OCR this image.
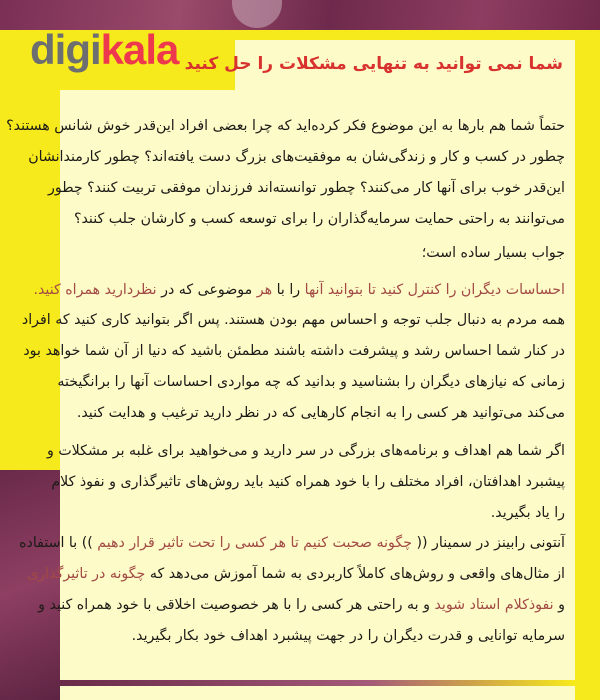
digikala شما نمی توانید به تنهایی مشکلات را حل کنید
حتماً شما هم بارها به این موضوع فکر کرده‌اید که چرا بعضی افراد این‌قدر خوش شانس هستند؟
چطور در کسب و کار و زندگی‌شان به موفقیت‌های بزرگ دست یافته‌اند؟ چطور کارمندانشان
این‌قدر خوب برای آنها کار می‌کنند؟ چطور توانسته‌اند فرزندان موفقی تربیت کنند؟ چطور
می‌توانند به راحتی حمایت سرمایه‌گذاران را برای توسعه کسب و کارشان جلب کنند؟
جواب بسیار ساده است؛
احساسات دیگران را کنترل کنید تا بتوانید آنها را با هر موضوعی که در نظردارید همراه کنید.
همه مردم به دنبال جلب توجه و احساس مهم بودن هستند. پس اگر بتوانید کاری کنید که افراد
در کنار شما احساس رشد و پیشرفت داشته باشند مطمئن باشید که دنیا از آن شما خواهد بود
زمانی که نیازهای دیگران را بشناسید و بدانید که چه مواردی احساسات آنها را برانگیخته
می‌کند می‌توانید هر کسی را به انجام کارهایی که در نظر دارید ترغیب و هدایت کنید.
اگر شما هم اهداف و برنامه‌های بزرگی در سر دارید و می‌خواهید برای غلبه بر مشکلات و
پیشبرد اهدافتان، افراد مختلف را با خود همراه کنید باید روش‌های تاثیرگذاری و نفوذ کلام
را یاد بگیرید.
آنتونی رابینز در سمینار (( چگونه صحبت کنیم تا هر کسی را تحت تاثیر قرار دهیم )) با استفاده
از مثال‌های واقعی و روش‌های کاملاً کاربردی به شما آموزش می‌دهد که چگونه در تاثیرگذاری
و نفوذکلام استاد شوید و به راحتی هر کسی را با هر خصوصیت اخلاقی با خود همراه کنید و
سرمایه توانایی و قدرت دیگران را در جهت پیشبرد اهداف خود بکار بگیرید.
